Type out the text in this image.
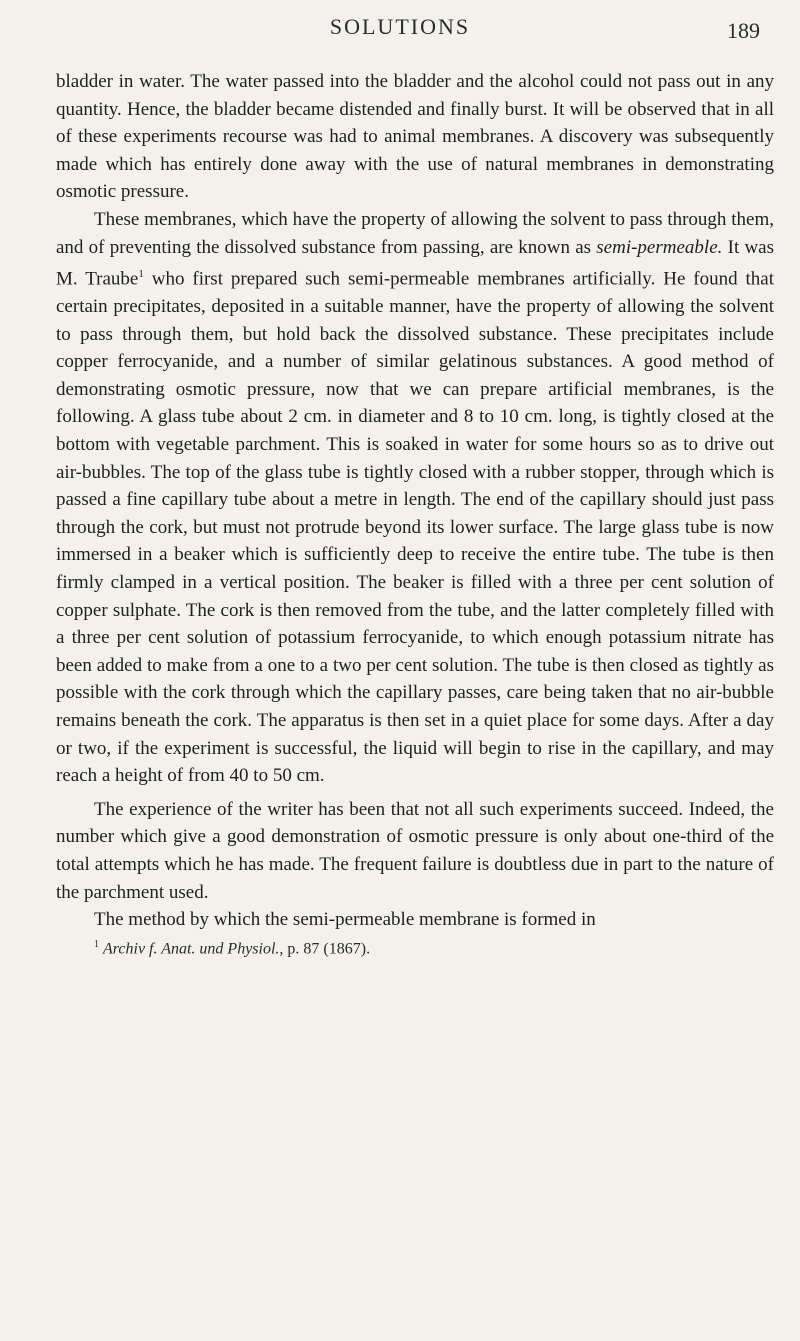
SOLUTIONS	189

bladder in water. The water passed into the bladder and the alcohol could not pass out in any quantity. Hence, the bladder became distended and finally burst. It will be observed that in all of these experiments recourse was had to animal membranes. A discovery was subsequently made which has entirely done away with the use of natural membranes in demonstrating osmotic pressure.

These membranes, which have the property of allowing the solvent to pass through them, and of preventing the dissolved substance from passing, are known as semi-permeable. It was M. Traube$^1$ who first prepared such semi-permeable membranes artificially. He found that certain precipitates, deposited in a suitable manner, have the property of allowing the solvent to pass through them, but hold back the dissolved substance. These precipitates include copper ferrocyanide, and a number of similar gelatinous substances. A good method of demonstrating osmotic pressure, now that we can prepare artificial membranes, is the following. A glass tube about 2 cm. in diameter and 8 to 10 cm. long, is tightly closed at the bottom with vegetable parchment. This is soaked in water for some hours so as to drive out air-bubbles. The top of the glass tube is tightly closed with a rubber stopper, through which is passed a fine capillary tube about a metre in length. The end of the capillary should just pass through the cork, but must not protrude beyond its lower surface. The large glass tube is now immersed in a beaker which is sufficiently deep to receive the entire tube. The tube is then firmly clamped in a vertical position. The beaker is filled with a three per cent solution of copper sulphate. The cork is then removed from the tube, and the latter completely filled with a three per cent solution of potassium ferrocyanide, to which enough potassium nitrate has been added to make from a one to a two per cent solution. The tube is then closed as tightly as possible with the cork through which the capillary passes, care being taken that no air-bubble remains beneath the cork. The apparatus is then set in a quiet place for some days. After a day or two, if the experiment is successful, the liquid will begin to rise in the capillary, and may reach a height of from 40 to 50 cm.

The experience of the writer has been that not all such experiments succeed. Indeed, the number which give a good demonstration of osmotic pressure is only about one-third of the total attempts which he has made. The frequent failure is doubtless due in part to the nature of the parchment used.

The method by which the semi-permeable membrane is formed in

$^1$ Archiv f. Anat. und Physiol., p. 87 (1867).
